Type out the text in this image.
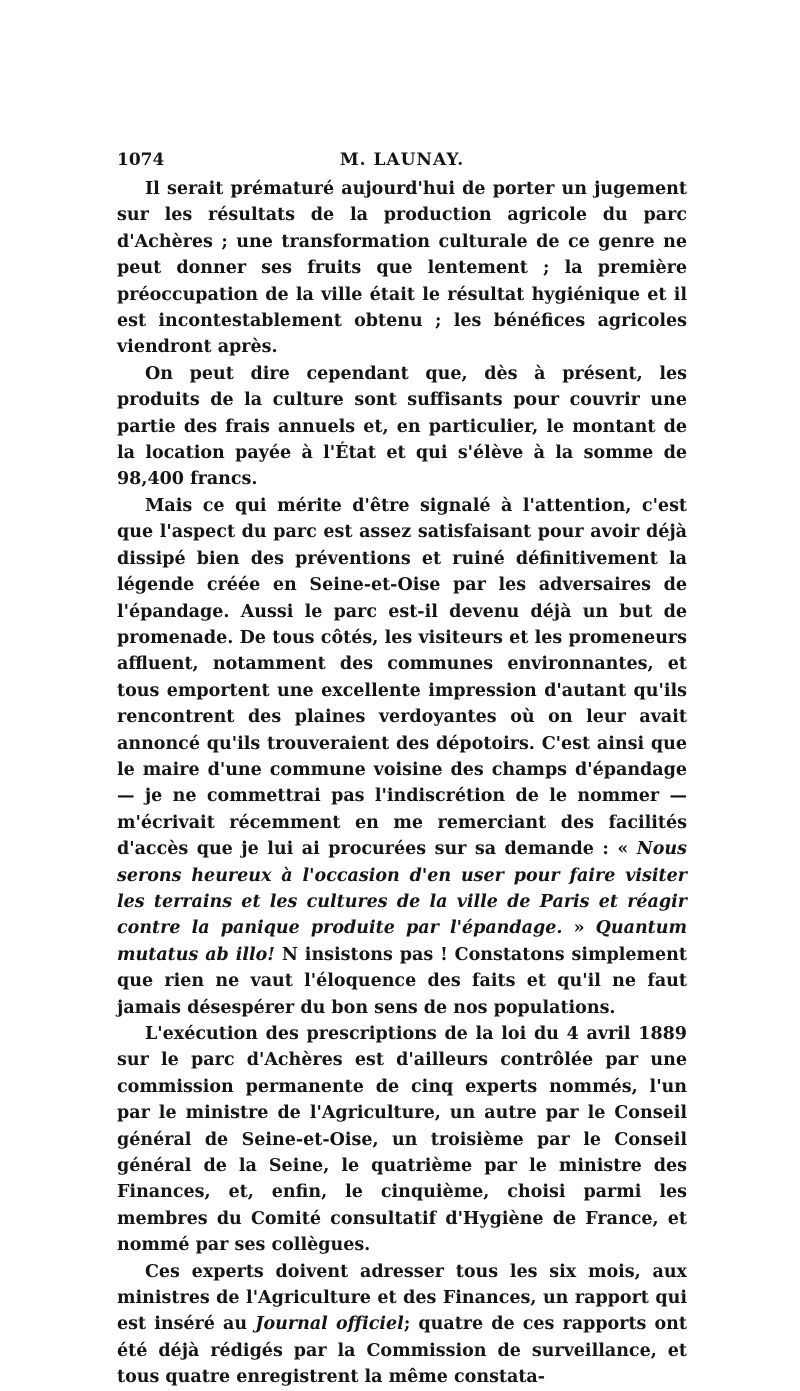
1074	M. LAUNAY.

Il serait prématuré aujourd'hui de porter un jugement sur les résultats de la production agricole du parc d'Achères ; une transformation culturale de ce genre ne peut donner ses fruits que lentement ; la première préoccupation de la ville était le résultat hygiénique et il est incontestablement obtenu ; les bénéfices agricoles viendront après.

On peut dire cependant que, dès à présent, les produits de la culture sont suffisants pour couvrir une partie des frais annuels et, en particulier, le montant de la location payée à l'État et qui s'élève à la somme de 98,400 francs.

Mais ce qui mérite d'être signalé à l'attention, c'est que l'aspect du parc est assez satisfaisant pour avoir déjà dissipé bien des préventions et ruiné définitivement la légende créée en Seine-et-Oise par les adversaires de l'épandage. Aussi le parc est-il devenu déjà un but de promenade. De tous côtés, les visiteurs et les promeneurs affluent, notamment des communes environnantes, et tous emportent une excellente impression d'autant qu'ils rencontrent des plaines verdoyantes où on leur avait annoncé qu'ils trouveraient des dépotoirs. C'est ainsi que le maire d'une commune voisine des champs d'épandage — je ne commettrai pas l'indiscrétion de le nommer — m'écrivait récemment en me remerciant des facilités d'accès que je lui ai procurées sur sa demande : « Nous serons heureux à l'occasion d'en user pour faire visiter les terrains et les cultures de la ville de Paris et réagir contre la panique produite par l'épandage. » Quantum mutatus ab illo! N insistons pas ! Constatons simplement que rien ne vaut l'éloquence des faits et qu'il ne faut jamais désespérer du bon sens de nos populations.

L'exécution des prescriptions de la loi du 4 avril 1889 sur le parc d'Achères est d'ailleurs contrôlée par une commission permanente de cinq experts nommés, l'un par le ministre de l'Agriculture, un autre par le Conseil général de Seine-et-Oise, un troisième par le Conseil général de la Seine, le quatrième par le ministre des Finances, et, enfin, le cinquième, choisi parmi les membres du Comité consultatif d'Hygiène de France, et nommé par ses collègues.

Ces experts doivent adresser tous les six mois, aux ministres de l'Agriculture et des Finances, un rapport qui est inséré au Journal officiel; quatre de ces rapports ont été déjà rédigés par la Commission de surveillance, et tous quatre enregistrent la même constata-
